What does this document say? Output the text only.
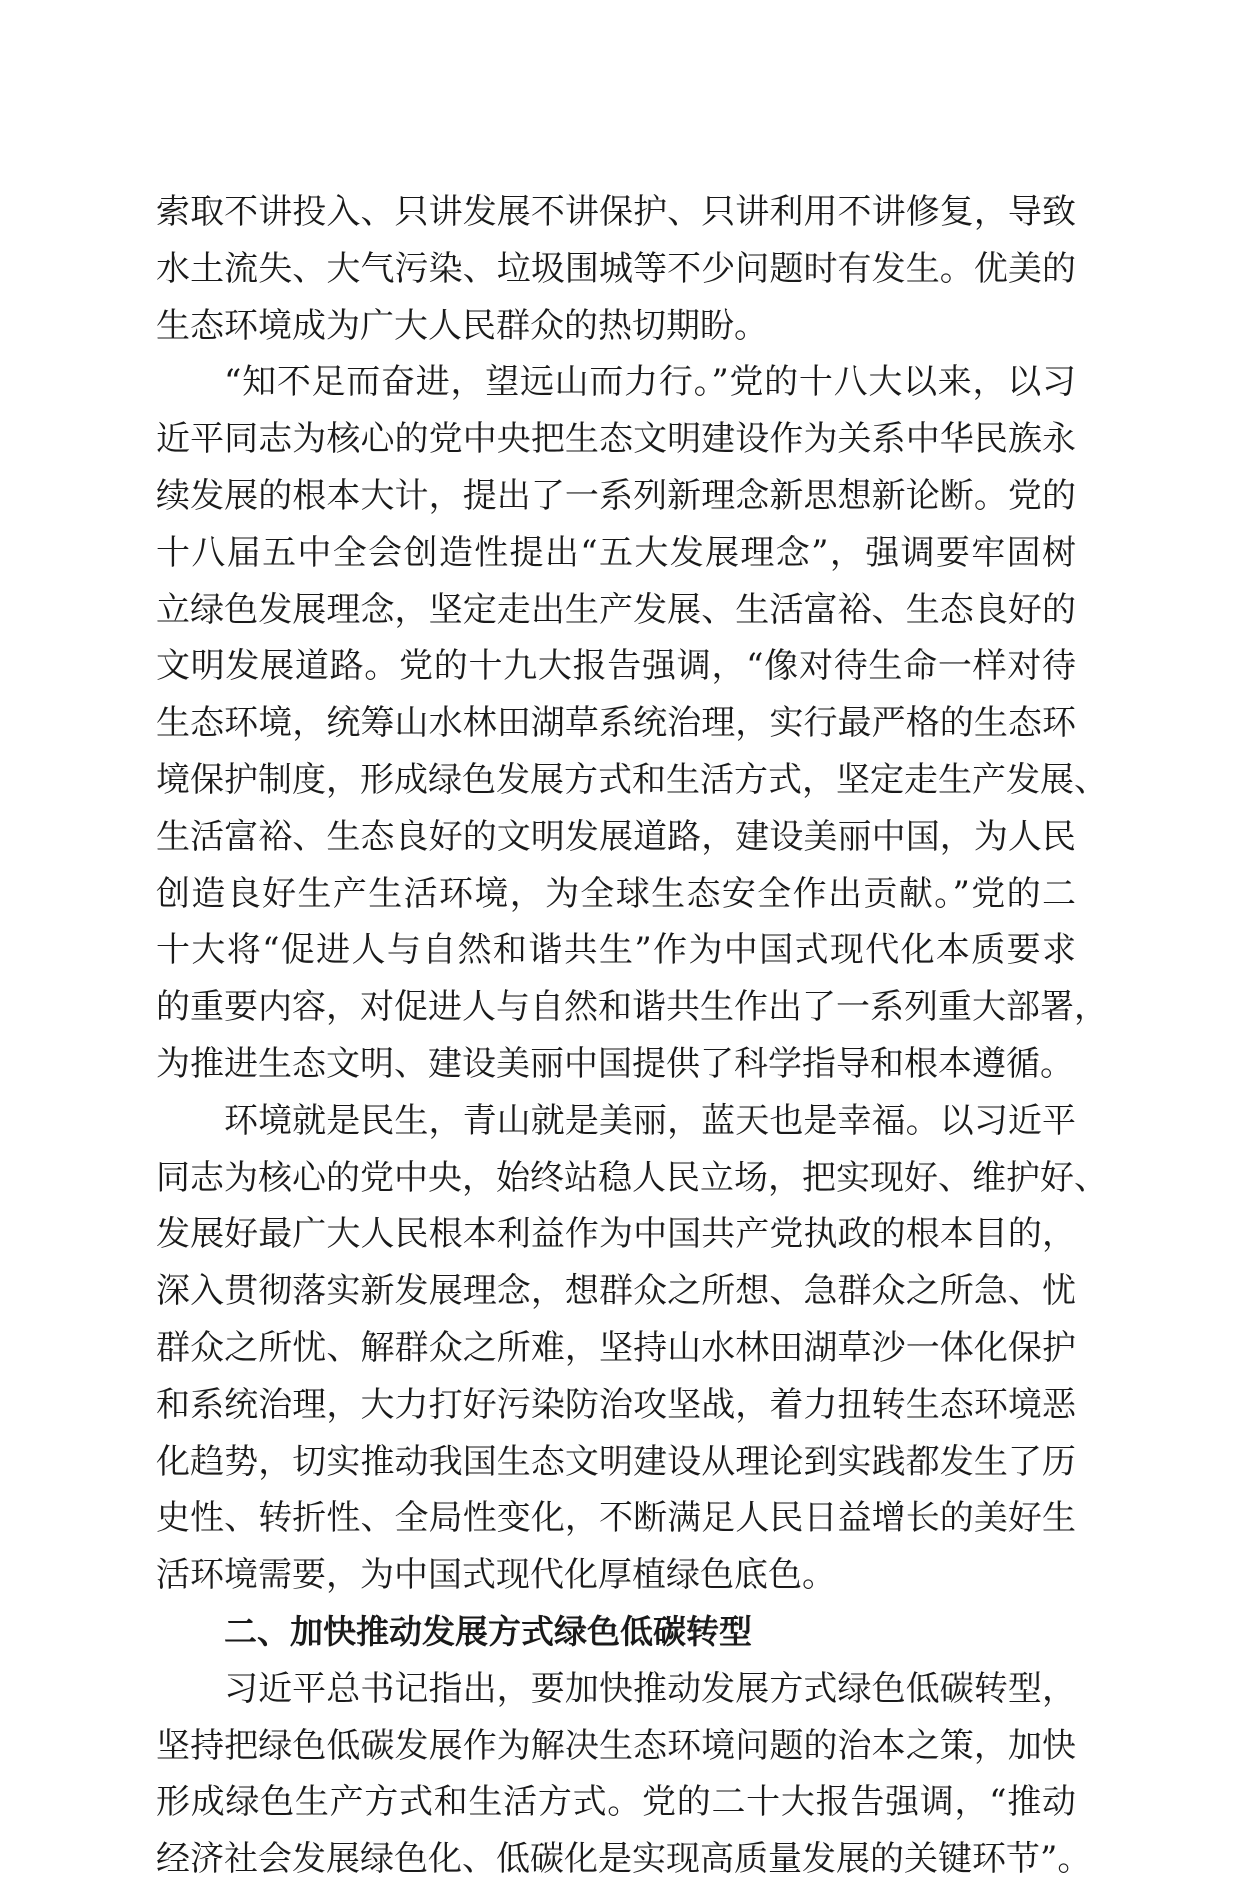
索取不讲投入、只讲发展不讲保护、只讲利用不讲修复，导致
水土流失、大气污染、垃圾围城等不少问题时有发生。优美的
生态环境成为广大人民群众的热切期盼。
“知不足而奋进，望远山而力行。”党的十八大以来，以习
近平同志为核心的党中央把生态文明建设作为关系中华民族永
续发展的根本大计，提出了一系列新理念新思想新论断。党的
十八届五中全会创造性提出“五大发展理念”，强调要牢固树
立绿色发展理念，坚定走出生产发展、生活富裕、生态良好的
文明发展道路。党的十九大报告强调，“像对待生命一样对待
生态环境，统筹山水林田湖草系统治理，实行最严格的生态环
境保护制度，形成绿色发展方式和生活方式，坚定走生产发展、
生活富裕、生态良好的文明发展道路，建设美丽中国，为人民
创造良好生产生活环境，为全球生态安全作出贡献。”党的二
十大将“促进人与自然和谐共生”作为中国式现代化本质要求
的重要内容，对促进人与自然和谐共生作出了一系列重大部署，
为推进生态文明、建设美丽中国提供了科学指导和根本遵循。
环境就是民生，青山就是美丽，蓝天也是幸福。以习近平
同志为核心的党中央，始终站稳人民立场，把实现好、维护好、
发展好最广大人民根本利益作为中国共产党执政的根本目的，
深入贯彻落实新发展理念，想群众之所想、急群众之所急、忧
群众之所忧、解群众之所难，坚持山水林田湖草沙一体化保护
和系统治理，大力打好污染防治攻坚战，着力扭转生态环境恶
化趋势，切实推动我国生态文明建设从理论到实践都发生了历
史性、转折性、全局性变化，不断满足人民日益增长的美好生
活环境需要，为中国式现代化厚植绿色底色。
二、加快推动发展方式绿色低碳转型
习近平总书记指出，要加快推动发展方式绿色低碳转型，
坚持把绿色低碳发展作为解决生态环境问题的治本之策，加快
形成绿色生产方式和生活方式。党的二十大报告强调，“推动
经济社会发展绿色化、低碳化是实现高质量发展的关键环节”。
